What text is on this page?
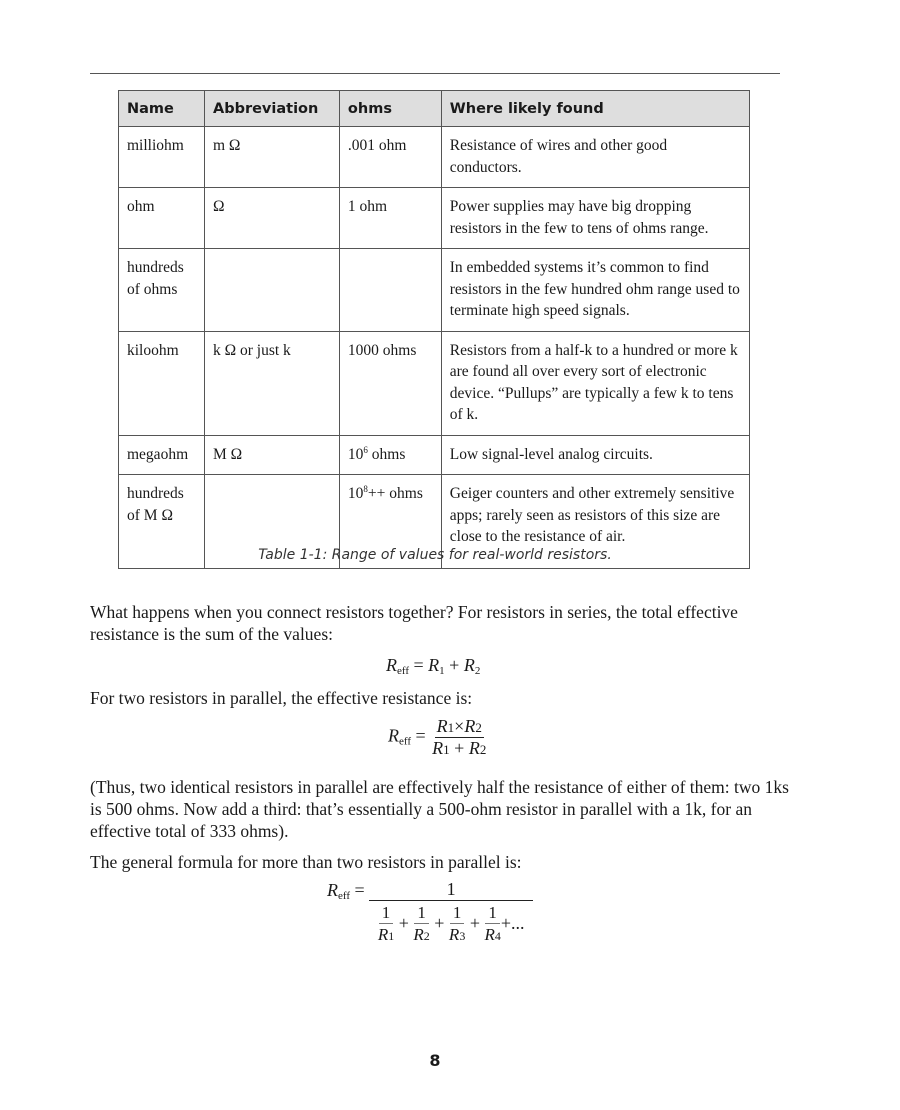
Name	Abbreviation	ohms	Where likely found
milliohm	m Ω	.001 ohm	Resistance of wires and other good conductors.
ohm	Ω	1 ohm	Power supplies may have big dropping resistors in the few to tens of ohms range.
hundreds of ohms			In embedded systems it’s common to find resistors in the few hundred ohm range used to terminate high speed signals.
kiloohm	k Ω or just k	1000 ohms	Resistors from a half-k to a hundred or more k are found all over every sort of electronic device. “Pullups” are typically a few k to tens of k.
megaohm	M Ω	$10^6$ ohms	Low signal-level analog circuits.
hundreds of M Ω		$10^8++$ ohms	Geiger counters and other extremely sensitive apps; rarely seen as resistors of this size are close to the resistance of air.
Table 1-1: Range of values for real-world resistors.

What happens when you connect resistors together? For resistors in series, the total effective resistance is the sum of the values:

$R_{eff} = R_1 + R_2$

For two resistors in parallel, the effective resistance is:

$R_{eff} = \frac{R1\times R2}{R1 + R2}$

(Thus, two identical resistors in parallel are effectively half the resistance of either of them: two 1ks is 500 ohms. Now add a third: that’s essentially a 500-ohm resistor in parallel with a 1k, for an effective total of 333 ohms).

The general formula for more than two resistors in parallel is:

$R_{eff} = \frac{1}{\frac{1}{R1} + \frac{1}{R2} + \frac{1}{R3} + \frac{1}{R4} +...}$
8
